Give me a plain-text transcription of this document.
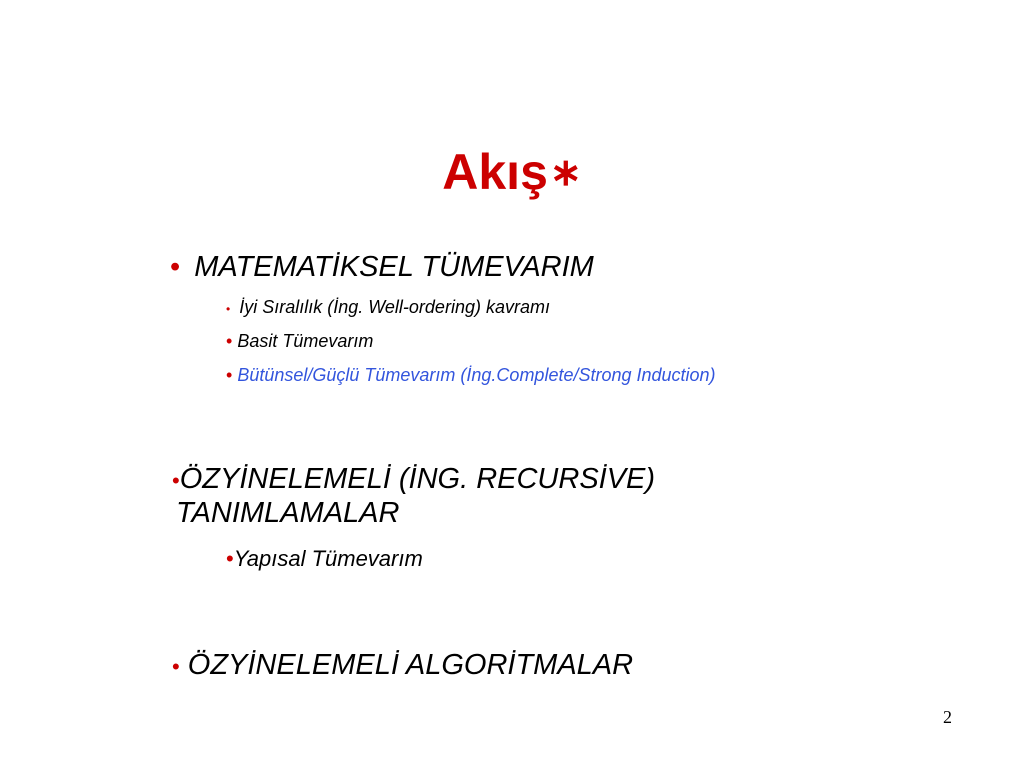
Akış∗
• MATEMATİKSEL TÜMEVARIM
• İyi Sıralılık (İng. Well-ordering) kavramı
• Basit Tümevarım
• Bütünsel/Güçlü Tümevarım (İng.Complete/Strong Induction)
•ÖZYİNELEMELİ (İNG. RECURSİVE)
TANIMLAMALAR
•Yapısal Tümevarım
• ÖZYİNELEMELİ ALGORİTMALAR
2
